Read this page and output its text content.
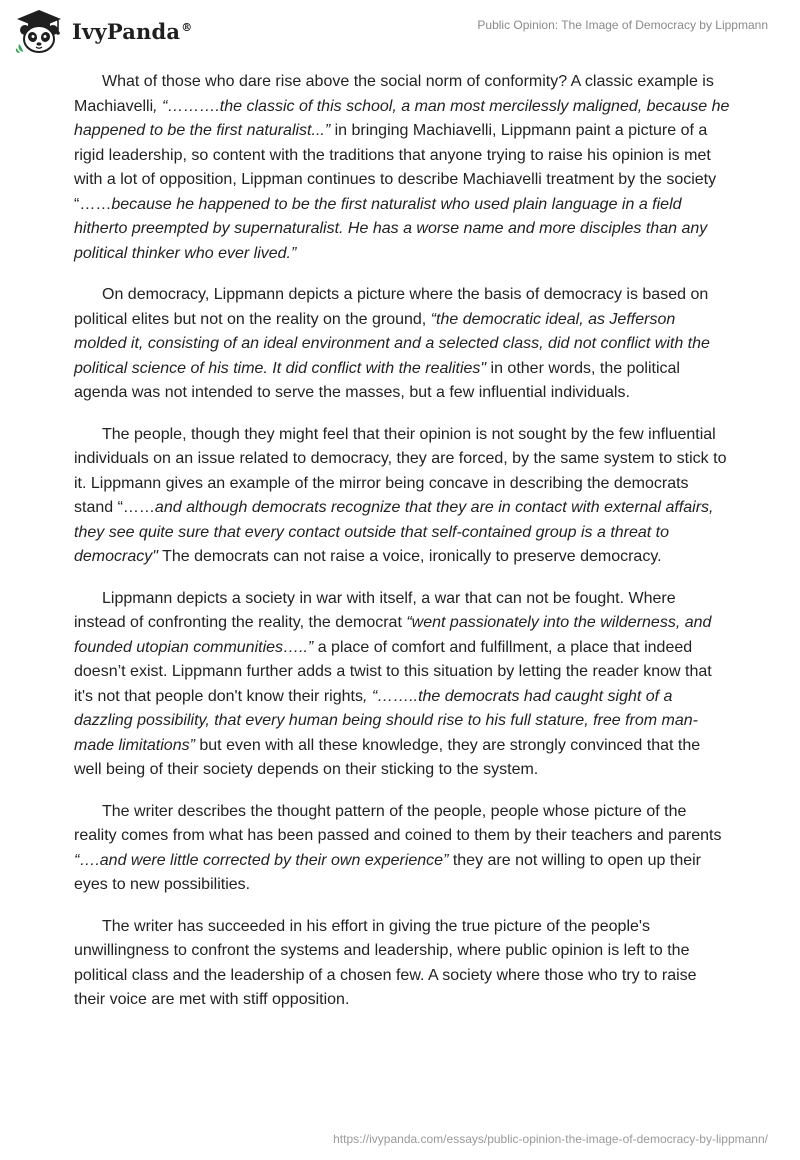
IvyPanda®	Public Opinion: The Image of Democracy by Lippmann

What of those who dare rise above the social norm of conformity? A classic example is Machiavelli, “……….the classic of this school, a man most mercilessly maligned, because he happened to be the first naturalist...” in bringing Machiavelli, Lippmann paint a picture of a rigid leadership, so content with the traditions that anyone trying to raise his opinion is met with a lot of opposition, Lippman continues to describe Machiavelli treatment by the society “……because he happened to be the first naturalist who used plain language in a field hitherto preempted by supernaturalist. He has a worse name and more disciples than any political thinker who ever lived.”

On democracy, Lippmann depicts a picture where the basis of democracy is based on political elites but not on the reality on the ground, “the democratic ideal, as Jefferson molded it, consisting of an ideal environment and a selected class, did not conflict with the political science of his time. It did conflict with the realities" in other words, the political agenda was not intended to serve the masses, but a few influential individuals.

The people, though they might feel that their opinion is not sought by the few influential individuals on an issue related to democracy, they are forced, by the same system to stick to it. Lippmann gives an example of the mirror being concave in describing the democrats stand “……and although democrats recognize that they are in contact with external affairs, they see quite sure that every contact outside that self-contained group is a threat to democracy" The democrats can not raise a voice, ironically to preserve democracy.

Lippmann depicts a society in war with itself, a war that can not be fought. Where instead of confronting the reality, the democrat “went passionately into the wilderness, and founded utopian communities…..” a place of comfort and fulfillment, a place that indeed doesn’t exist. Lippmann further adds a twist to this situation by letting the reader know that it's not that people don't know their rights, “……..the democrats had caught sight of a dazzling possibility, that every human being should rise to his full stature, free from man-made limitations” but even with all these knowledge, they are strongly convinced that the well being of their society depends on their sticking to the system.

The writer describes the thought pattern of the people, people whose picture of the reality comes from what has been passed and coined to them by their teachers and parents “….and were little corrected by their own experience” they are not willing to open up their eyes to new possibilities.

The writer has succeeded in his effort in giving the true picture of the people's unwillingness to confront the systems and leadership, where public opinion is left to the political class and the leadership of a chosen few. A society where those who try to raise their voice are met with stiff opposition.

https://ivypanda.com/essays/public-opinion-the-image-of-democracy-by-lippmann/
